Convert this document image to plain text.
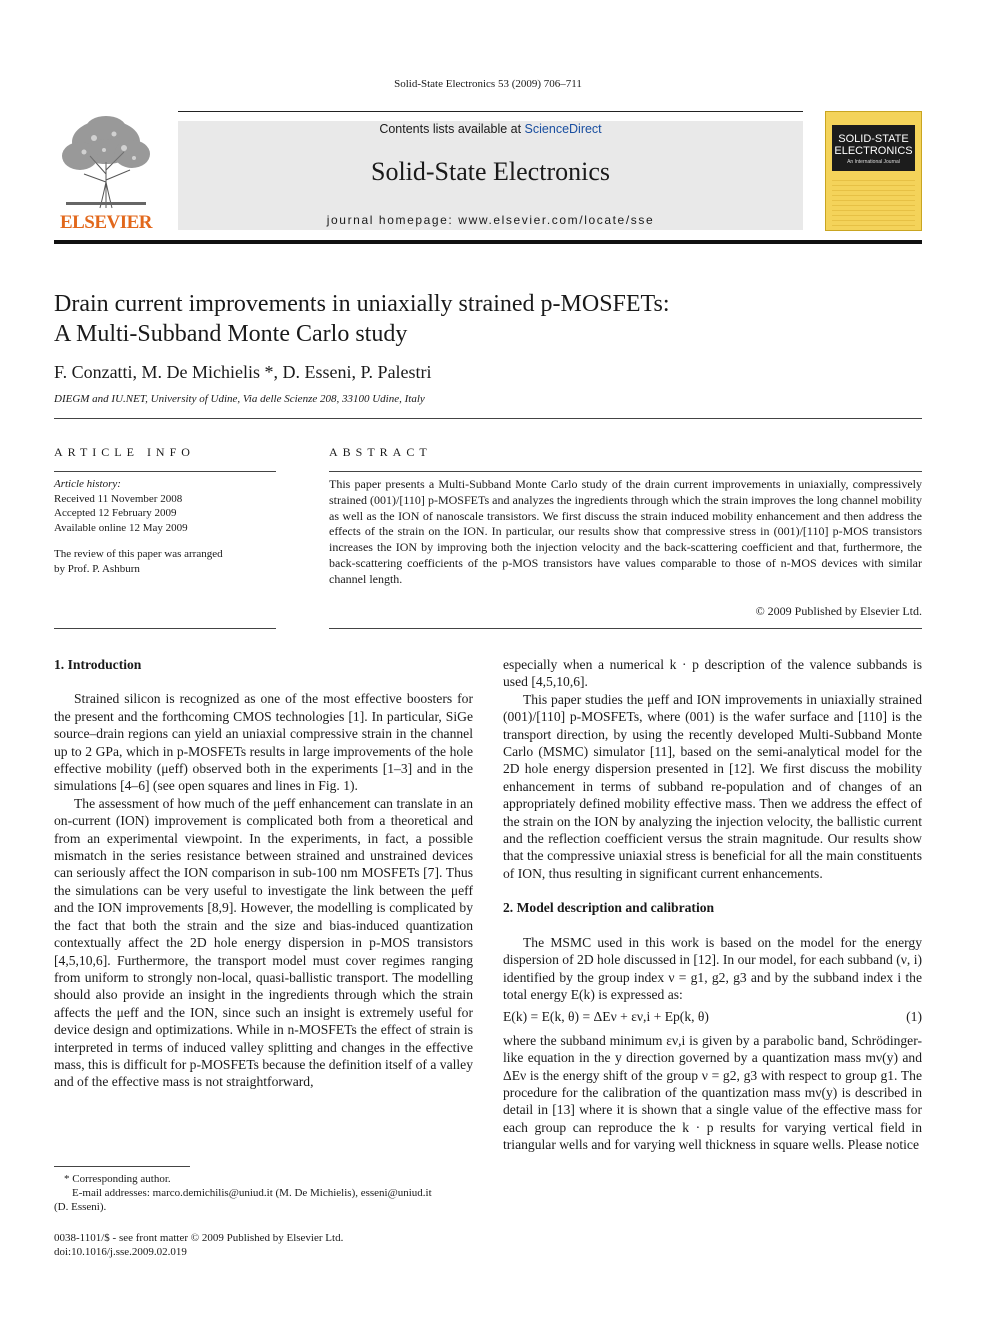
Solid-State Electronics 53 (2009) 706–711
ELSEVIER
Contents lists available at ScienceDirect
Solid-State Electronics
journal homepage: www.elsevier.com/locate/sse
SOLID-STATE ELECTRONICS
An International Journal
Drain current improvements in uniaxially strained p-MOSFETs:
A Multi-Subband Monte Carlo study
F. Conzatti, M. De Michielis *, D. Esseni, P. Palestri
DIEGM and IU.NET, University of Udine, Via delle Scienze 208, 33100 Udine, Italy
ARTICLE INFO	ABSTRACT
Article history:
Received 11 November 2008
Accepted 12 February 2009
Available online 12 May 2009
The review of this paper was arranged
by Prof. P. Ashburn
This paper presents a Multi-Subband Monte Carlo study of the drain current improvements in uniaxially, compressively strained (001)/[110] p-MOSFETs and analyzes the ingredients through which the strain improves the long channel mobility as well as the ION of nanoscale transistors. We first discuss the strain induced mobility enhancement and then address the effects of the strain on the ION. In particular, our results show that compressive stress in (001)/[110] p-MOS transistors increases the ION by improving both the injection velocity and the back-scattering coefficient and that, furthermore, the back-scattering coefficients of the p-MOS transistors have values comparable to those of n-MOS devices with similar channel length.
© 2009 Published by Elsevier Ltd.
1. Introduction

Strained silicon is recognized as one of the most effective boosters for the present and the forthcoming CMOS technologies [1]. In particular, SiGe source–drain regions can yield an uniaxial compressive strain in the channel up to 2 GPa, which in p-MOSFETs results in large improvements of the hole effective mobility (μeff) observed both in the experiments [1–3] and in the simulations [4–6] (see open squares and lines in Fig. 1).

The assessment of how much of the μeff enhancement can translate in an on-current (ION) improvement is complicated both from a theoretical and from an experimental viewpoint. In the experiments, in fact, a possible mismatch in the series resistance between strained and unstrained devices can seriously affect the ION comparison in sub-100 nm MOSFETs [7]. Thus the simulations can be very useful to investigate the link between the μeff and the ION improvements [8,9]. However, the modelling is complicated by the fact that both the strain and the size and bias-induced quantization contextually affect the 2D hole energy dispersion in p-MOS transistors [4,5,10,6]. Furthermore, the transport model must cover regimes ranging from uniform to strongly non-local, quasi-ballistic transport. The modelling should also provide an insight in the ingredients through which the strain affects the μeff and the ION, since such an insight is extremely useful for device design and optimizations. While in n-MOSFETs the effect of strain is interpreted in terms of induced valley splitting and changes in the effective mass, this is difficult for p-MOSFETs because the definition itself of a valley and of the effective mass is not straightforward,

especially when a numerical k · p description of the valence subbands is used [4,5,10,6].

This paper studies the μeff and ION improvements in uniaxially strained (001)/[110] p-MOSFETs, where (001) is the wafer surface and [110] is the transport direction, by using the recently developed Multi-Subband Monte Carlo (MSMC) simulator [11], based on the semi-analytical model for the 2D hole energy dispersion presented in [12]. We first discuss the mobility enhancement in terms of subband re-population and of changes of an appropriately defined mobility effective mass. Then we address the effect of the strain on the ION by analyzing the injection velocity, the ballistic current and the reflection coefficient versus the strain magnitude. Our results show that the compressive uniaxial stress is beneficial for all the main constituents of ION, thus resulting in significant current enhancements.

2. Model description and calibration

The MSMC used in this work is based on the model for the energy dispersion of 2D hole discussed in [12]. In our model, for each subband (ν, i) identified by the group index ν = g1, g2, g3 and by the subband index i the total energy E(k) is expressed as:

E(k) = E(k, θ) = ΔEν + εν,i + Ep(k, θ)	(1)

where the subband minimum εν,i is given by a parabolic band, Schrödinger-like equation in the y direction governed by a quantization mass mν(y) and ΔEν is the energy shift of the group ν = g2, g3 with respect to group g1. The procedure for the calibration of the quantization mass mν(y) is described in detail in [13] where it is shown that a single value of the effective mass for each group can reproduce the k · p results for varying vertical field in triangular wells and for varying well thickness in square wells. Please notice

* Corresponding author.
E-mail addresses: marco.demichilis@uniud.it (M. De Michielis), esseni@uniud.it
(D. Esseni).
0038-1101/$ - see front matter © 2009 Published by Elsevier Ltd.
doi:10.1016/j.sse.2009.02.019
